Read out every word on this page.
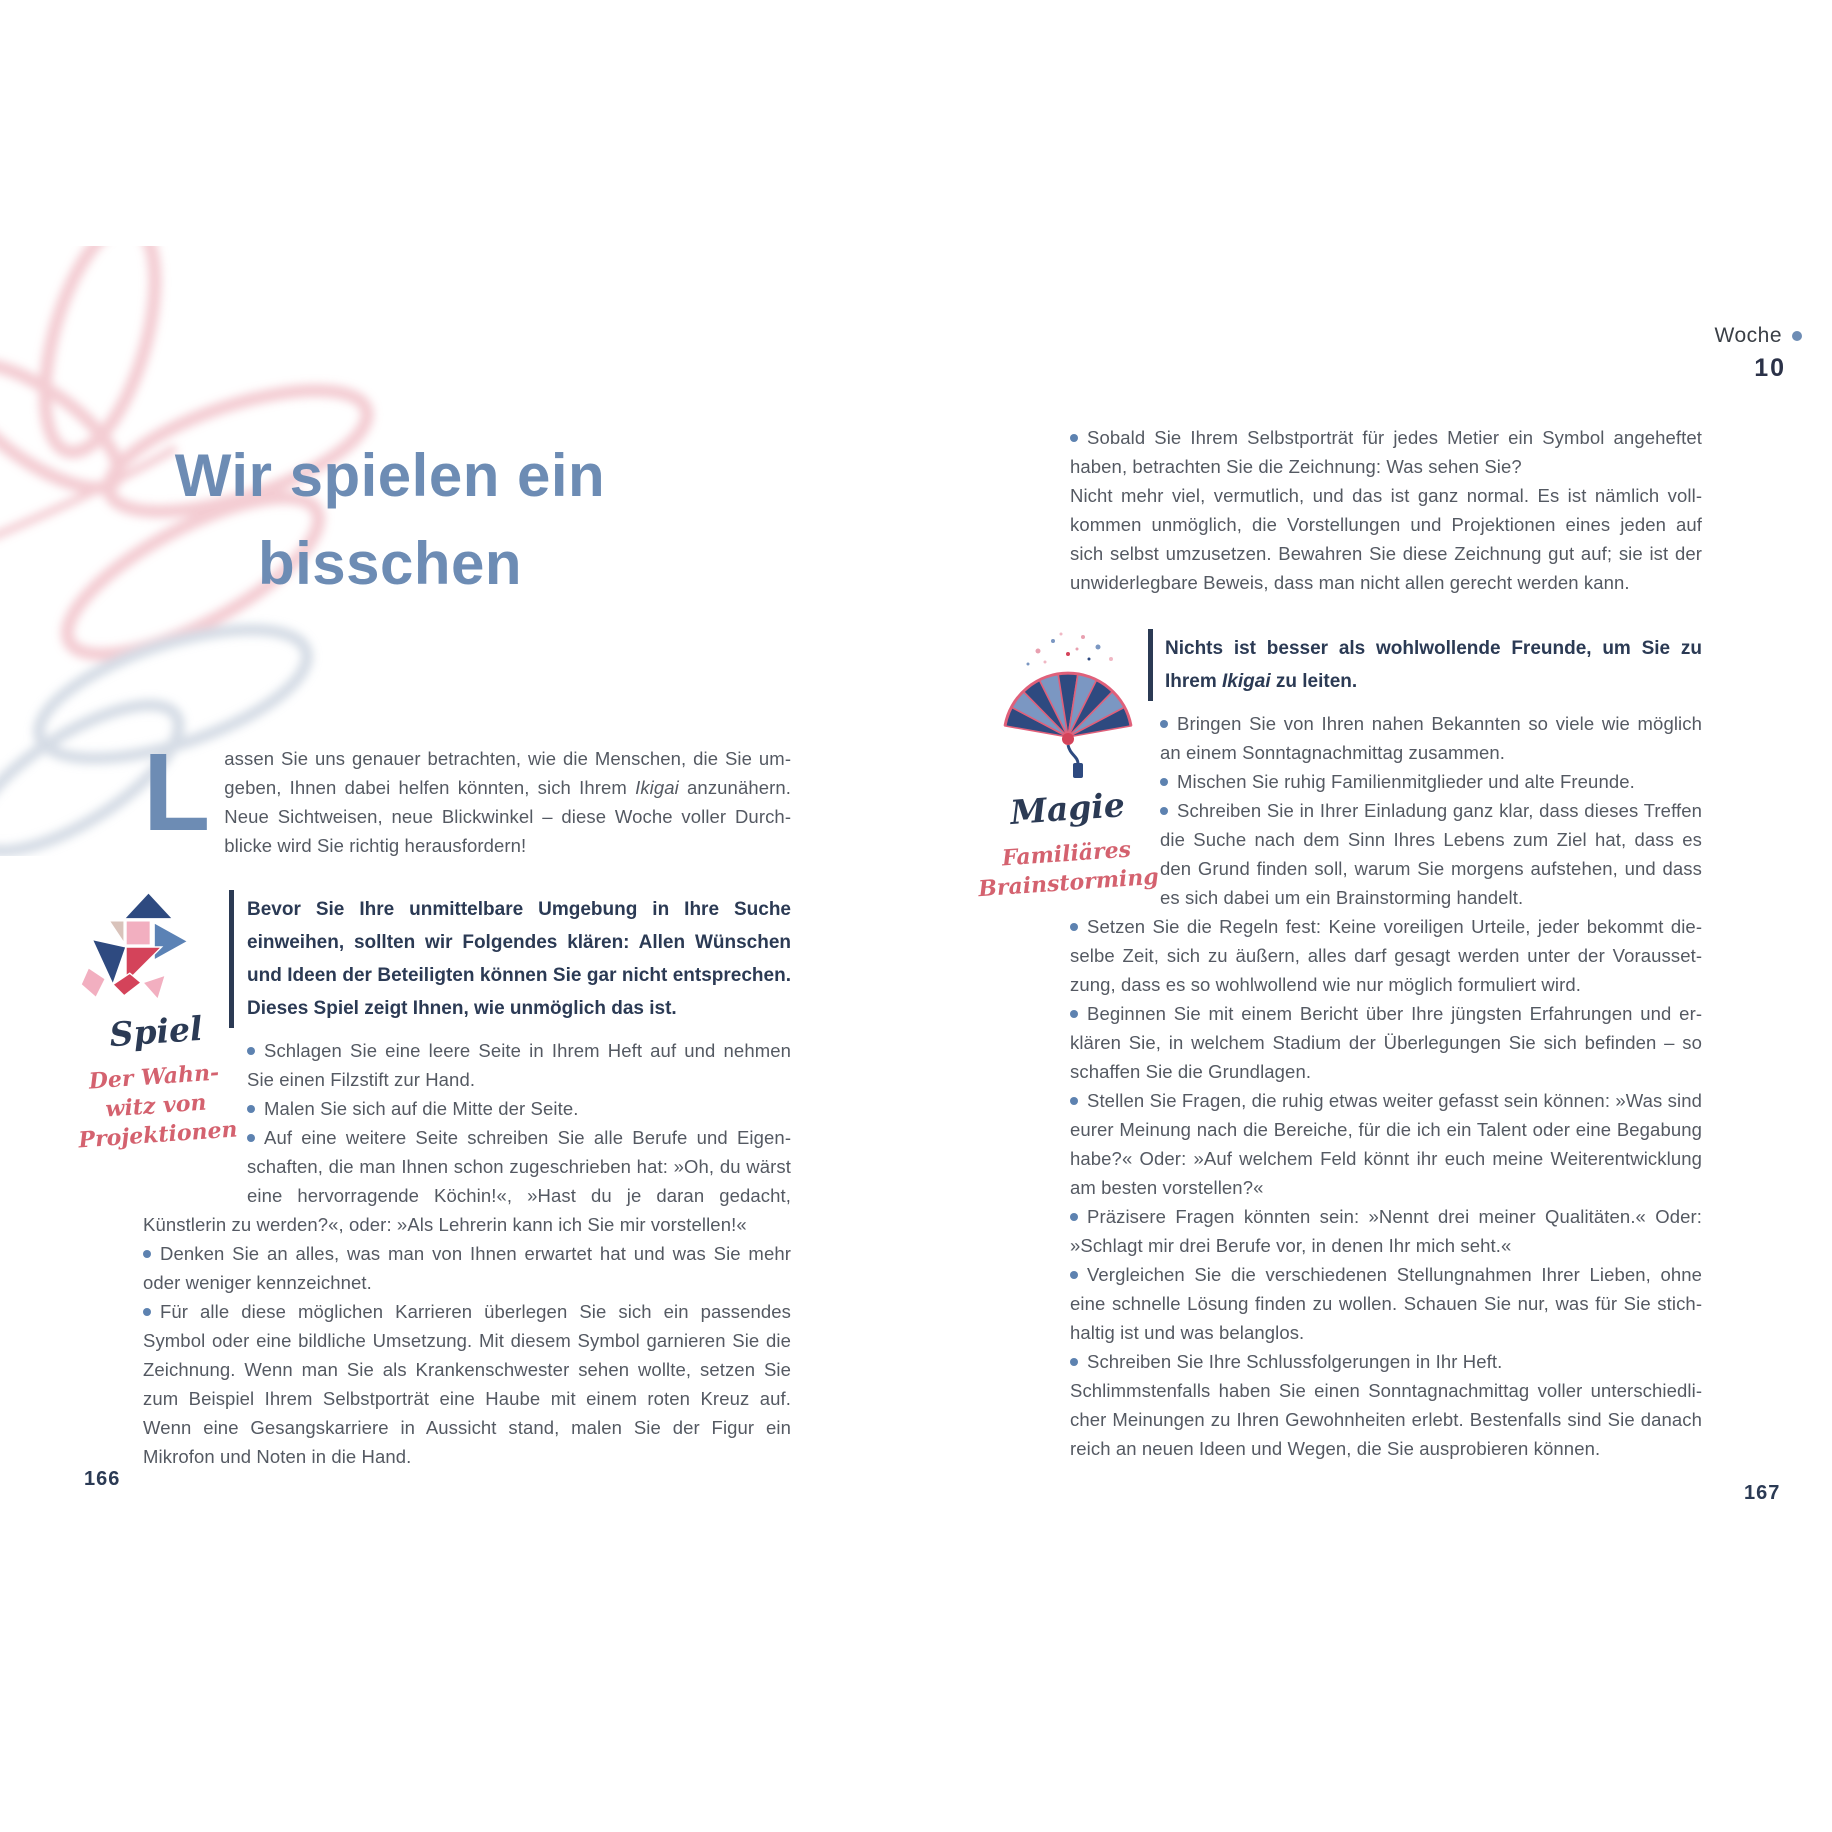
Wir spielen ein
bisschen

Lassen Sie uns genauer betrachten, wie die Menschen, die Sie umgeben, Ihnen dabei helfen könnten, sich Ihrem Ikigai anzunähern. Neue Sichtweisen, neue Blickwinkel – diese Woche voller Durchblicke wird Sie richtig herausfordern!

Spiel
Der Wahn-
witz von
Projektionen

Bevor Sie Ihre unmittelbare Umgebung in Ihre Suche einweihen, sollten wir Folgendes klären: Allen Wünschen und Ideen der Beteiligten können Sie gar nicht entsprechen. Dieses Spiel zeigt Ihnen, wie unmöglich das ist.

Schlagen Sie eine leere Seite in Ihrem Heft auf und nehmen Sie einen Filzstift zur Hand.

Malen Sie sich auf die Mitte der Seite.

Auf eine weitere Seite schreiben Sie alle Berufe und Eigenschaften, die man Ihnen schon zugeschrieben hat: »Oh, du wärst eine hervorragende Köchin!«, »Hast du je daran gedacht, Künstlerin zu werden?«, oder: »Als Lehrerin kann ich Sie mir vorstellen!«

Denken Sie an alles, was man von Ihnen erwartet hat und was Sie mehr oder weniger kennzeichnet.

Für alle diese möglichen Karrieren überlegen Sie sich ein passendes Symbol oder eine bildliche Umsetzung. Mit diesem Symbol garnieren Sie die Zeichnung. Wenn man Sie als Krankenschwester sehen wollte, setzen Sie zum Beispiel Ihrem Selbstporträt eine Haube mit einem roten Kreuz auf. Wenn eine Gesangskarriere in Aussicht stand, malen Sie der Figur ein Mikrofon und Noten in die Hand.

166
Woche
10

Sobald Sie Ihrem Selbstporträt für jedes Metier ein Symbol angeheftet haben, betrachten Sie die Zeichnung: Was sehen Sie?

Nicht mehr viel, vermutlich, und das ist ganz normal. Es ist nämlich vollkommen unmöglich, die Vorstellungen und Projektionen eines jeden auf sich selbst umzusetzen. Bewahren Sie diese Zeichnung gut auf; sie ist der unwiderlegbare Beweis, dass man nicht allen gerecht werden kann.

Magie
Familiäres
Brainstorming

Nichts ist besser als wohlwollende Freunde, um Sie zu Ihrem Ikigai zu leiten.

Bringen Sie von Ihren nahen Bekannten so viele wie möglich an einem Sonntagnachmittag zusammen.

Mischen Sie ruhig Familienmitglieder und alte Freunde.

Schreiben Sie in Ihrer Einladung ganz klar, dass dieses Treffen die Suche nach dem Sinn Ihres Lebens zum Ziel hat, dass es den Grund finden soll, warum Sie morgens aufstehen, und dass es sich dabei um ein Brainstorming handelt.

Setzen Sie die Regeln fest: Keine voreiligen Urteile, jeder bekommt dieselbe Zeit, sich zu äußern, alles darf gesagt werden unter der Voraussetzung, dass es so wohlwollend wie nur möglich formuliert wird.

Beginnen Sie mit einem Bericht über Ihre jüngsten Erfahrungen und erklären Sie, in welchem Stadium der Überlegungen Sie sich befinden – so schaffen Sie die Grundlagen.

Stellen Sie Fragen, die ruhig etwas weiter gefasst sein können: »Was sind eurer Meinung nach die Bereiche, für die ich ein Talent oder eine Begabung habe?« Oder: »Auf welchem Feld könnt ihr euch meine Weiterentwicklung am besten vorstellen?«

Präzisere Fragen könnten sein: »Nennt drei meiner Qualitäten.« Oder: »Schlagt mir drei Berufe vor, in denen Ihr mich seht.«

Vergleichen Sie die verschiedenen Stellungnahmen Ihrer Lieben, ohne eine schnelle Lösung finden zu wollen. Schauen Sie nur, was für Sie stichhaltig ist und was belanglos.

Schreiben Sie Ihre Schlussfolgerungen in Ihr Heft.

Schlimmstenfalls haben Sie einen Sonntagnachmittag voller unterschiedlicher Meinungen zu Ihren Gewohnheiten erlebt. Bestenfalls sind Sie danach reich an neuen Ideen und Wegen, die Sie ausprobieren können.

167
